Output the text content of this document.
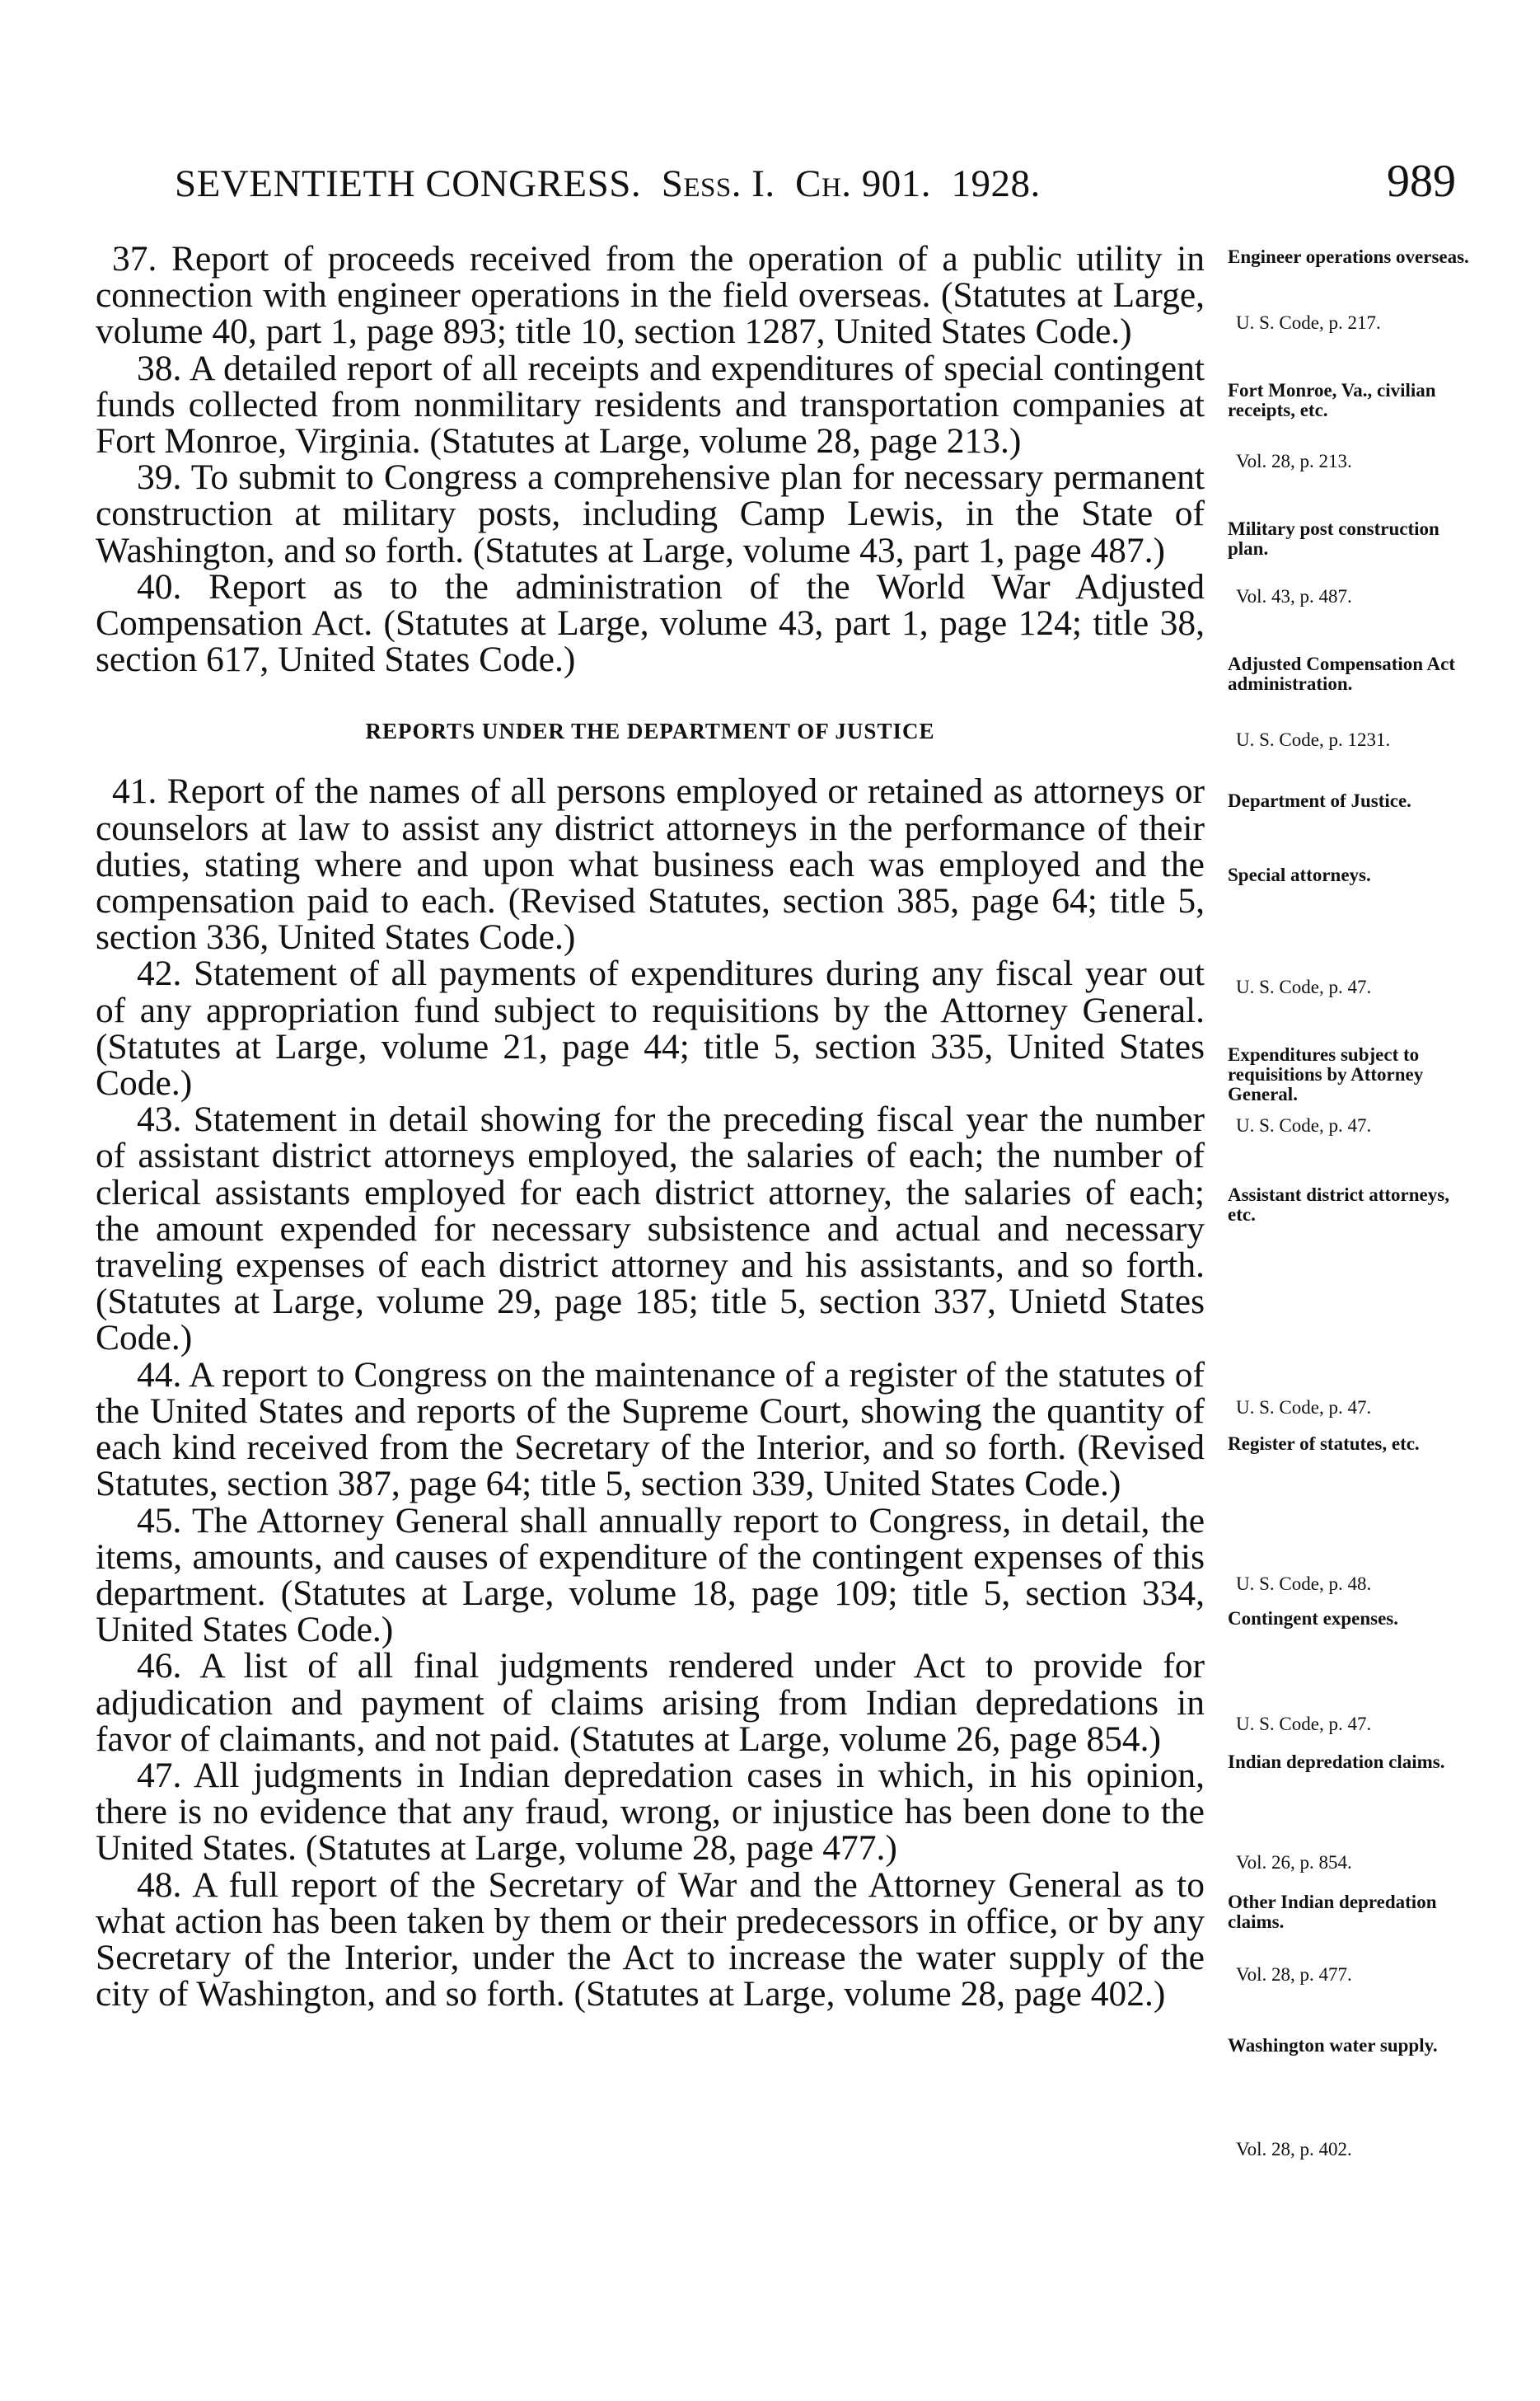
SEVENTIETH CONGRESS. Sess. I. Ch. 901. 1928.	989

37. Report of proceeds received from the operation of a public utility in connection with engineer operations in the field overseas. (Statutes at Large, volume 40, part 1, page 893; title 10, section 1287, United States Code.)

38. A detailed report of all receipts and expenditures of special contingent funds collected from nonmilitary residents and transportation companies at Fort Monroe, Virginia. (Statutes at Large, volume 28, page 213.)

39. To submit to Congress a comprehensive plan for necessary permanent construction at military posts, including Camp Lewis, in the State of Washington, and so forth. (Statutes at Large, volume 43, part 1, page 487.)

40. Report as to the administration of the World War Adjusted Compensation Act. (Statutes at Large, volume 43, part 1, page 124; title 38, section 617, United States Code.)

REPORTS UNDER THE DEPARTMENT OF JUSTICE

41. Report of the names of all persons employed or retained as attorneys or counselors at law to assist any district attorneys in the performance of their duties, stating where and upon what business each was employed and the compensation paid to each. (Revised Statutes, section 385, page 64; title 5, section 336, United States Code.)

42. Statement of all payments of expenditures during any fiscal year out of any appropriation fund subject to requisitions by the Attorney General. (Statutes at Large, volume 21, page 44; title 5, section 335, United States Code.)

43. Statement in detail showing for the preceding fiscal year the number of assistant district attorneys employed, the salaries of each; the number of clerical assistants employed for each district attorney, the salaries of each; the amount expended for necessary subsistence and actual and necessary traveling expenses of each district attorney and his assistants, and so forth. (Statutes at Large, volume 29, page 185; title 5, section 337, Unietd States Code.)

44. A report to Congress on the maintenance of a register of the statutes of the United States and reports of the Supreme Court, showing the quantity of each kind received from the Secretary of the Interior, and so forth. (Revised Statutes, section 387, page 64; title 5, section 339, United States Code.)

45. The Attorney General shall annually report to Congress, in detail, the items, amounts, and causes of expenditure of the contingent expenses of this department. (Statutes at Large, volume 18, page 109; title 5, section 334, United States Code.)

46. A list of all final judgments rendered under Act to provide for adjudication and payment of claims arising from Indian depredations in favor of claimants, and not paid. (Statutes at Large, volume 26, page 854.)

47. All judgments in Indian depredation cases in which, in his opinion, there is no evidence that any fraud, wrong, or injustice has been done to the United States. (Statutes at Large, volume 28, page 477.)

48. A full report of the Secretary of War and the Attorney General as to what action has been taken by them or their predecessors in office, or by any Secretary of the Interior, under the Act to increase the water supply of the city of Washington, and so forth. (Statutes at Large, volume 28, page 402.)

Engineer operations overseas.
U. S. Code, p. 217.
Fort Monroe, Va., civilian receipts, etc.
Vol. 28, p. 213.
Military post construction plan.
Vol. 43, p. 487.
Adjusted Compensation Act administration.
U. S. Code, p. 1231.
Department of Justice.
Special attorneys.
U. S. Code, p. 47.
Expenditures subject to requisitions by Attorney General.
U. S. Code, p. 47.
Assistant district attorneys, etc.
U. S. Code, p. 47.
Register of statutes, etc.
U. S. Code, p. 48.
Contingent expenses.
U. S. Code, p. 47.
Indian depredation claims.
Vol. 26, p. 854.
Other Indian depredation claims.
Vol. 28, p. 477.
Washington water supply.
Vol. 28, p. 402.
